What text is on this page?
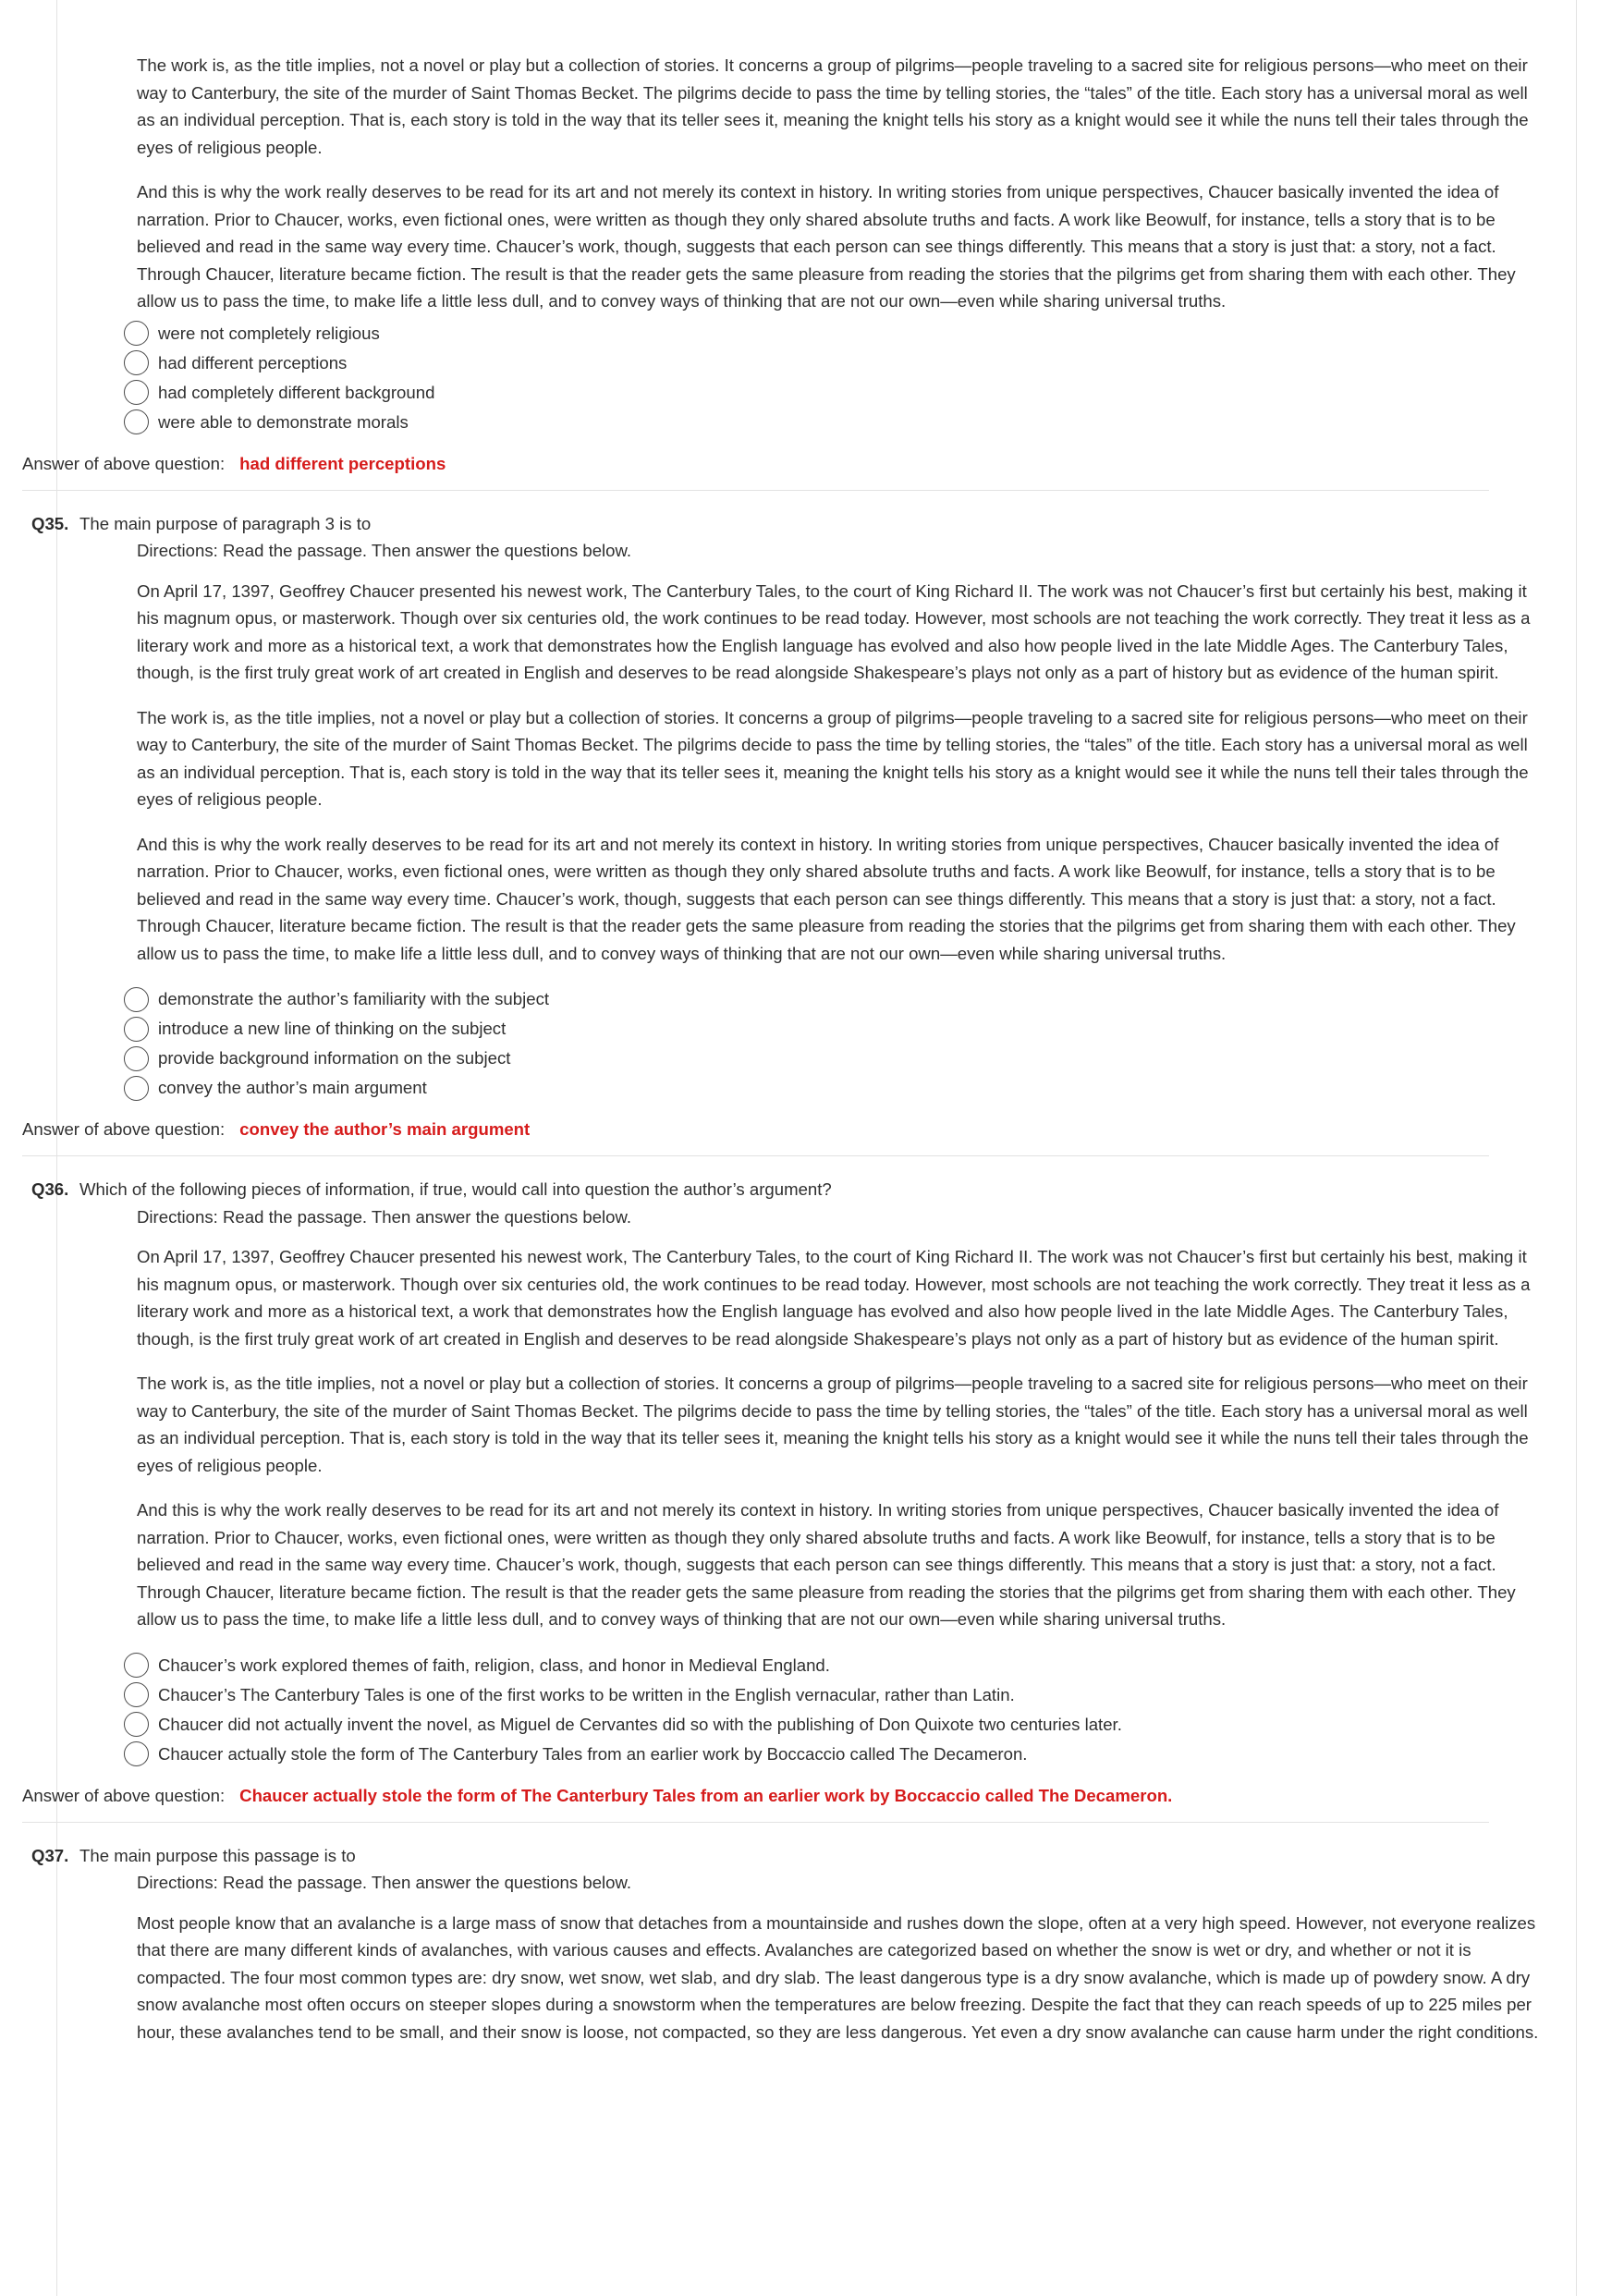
The work is, as the title implies, not a novel or play but a collection of stories. It concerns a group of pilgrims—people traveling to a sacred site for religious persons—who meet on their way to Canterbury, the site of the murder of Saint Thomas Becket. The pilgrims decide to pass the time by telling stories, the “tales” of the title. Each story has a universal moral as well as an individual perception. That is, each story is told in the way that its teller sees it, meaning the knight tells his story as a knight would see it while the nuns tell their tales through the eyes of religious people.

And this is why the work really deserves to be read for its art and not merely its context in history. In writing stories from unique perspectives, Chaucer basically invented the idea of narration. Prior to Chaucer, works, even fictional ones, were written as though they only shared absolute truths and facts. A work like Beowulf, for instance, tells a story that is to be believed and read in the same way every time. Chaucer’s work, though, suggests that each person can see things differently. This means that a story is just that: a story, not a fact. Through Chaucer, literature became fiction. The result is that the reader gets the same pleasure from reading the stories that the pilgrims get from sharing them with each other. They allow us to pass the time, to make life a little less dull, and to convey ways of thinking that are not our own—even while sharing universal truths.

were not completely religious
had different perceptions
had completely different background
were able to demonstrate morals
Answer of above question: had different perceptions
Q35. The main purpose of paragraph 3 is to
Directions: Read the passage. Then answer the questions below.

On April 17, 1397, Geoffrey Chaucer presented his newest work, The Canterbury Tales, to the court of King Richard II. The work was not Chaucer’s first but certainly his best, making it his magnum opus, or masterwork. Though over six centuries old, the work continues to be read today. However, most schools are not teaching the work correctly. They treat it less as a literary work and more as a historical text, a work that demonstrates how the English language has evolved and also how people lived in the late Middle Ages. The Canterbury Tales, though, is the first truly great work of art created in English and deserves to be read alongside Shakespeare’s plays not only as a part of history but as evidence of the human spirit.

The work is, as the title implies, not a novel or play but a collection of stories. It concerns a group of pilgrims—people traveling to a sacred site for religious persons—who meet on their way to Canterbury, the site of the murder of Saint Thomas Becket. The pilgrims decide to pass the time by telling stories, the “tales” of the title. Each story has a universal moral as well as an individual perception. That is, each story is told in the way that its teller sees it, meaning the knight tells his story as a knight would see it while the nuns tell their tales through the eyes of religious people.

And this is why the work really deserves to be read for its art and not merely its context in history. In writing stories from unique perspectives, Chaucer basically invented the idea of narration. Prior to Chaucer, works, even fictional ones, were written as though they only shared absolute truths and facts. A work like Beowulf, for instance, tells a story that is to be believed and read in the same way every time. Chaucer’s work, though, suggests that each person can see things differently. This means that a story is just that: a story, not a fact. Through Chaucer, literature became fiction. The result is that the reader gets the same pleasure from reading the stories that the pilgrims get from sharing them with each other. They allow us to pass the time, to make life a little less dull, and to convey ways of thinking that are not our own—even while sharing universal truths.

demonstrate the author’s familiarity with the subject
introduce a new line of thinking on the subject
provide background information on the subject
convey the author’s main argument
Answer of above question: convey the author’s main argument
Q36. Which of the following pieces of information, if true, would call into question the author’s argument?
Directions: Read the passage. Then answer the questions below.

On April 17, 1397, Geoffrey Chaucer presented his newest work, The Canterbury Tales, to the court of King Richard II. The work was not Chaucer’s first but certainly his best, making it his magnum opus, or masterwork. Though over six centuries old, the work continues to be read today. However, most schools are not teaching the work correctly. They treat it less as a literary work and more as a historical text, a work that demonstrates how the English language has evolved and also how people lived in the late Middle Ages. The Canterbury Tales, though, is the first truly great work of art created in English and deserves to be read alongside Shakespeare’s plays not only as a part of history but as evidence of the human spirit.

The work is, as the title implies, not a novel or play but a collection of stories. It concerns a group of pilgrims—people traveling to a sacred site for religious persons—who meet on their way to Canterbury, the site of the murder of Saint Thomas Becket. The pilgrims decide to pass the time by telling stories, the “tales” of the title. Each story has a universal moral as well as an individual perception. That is, each story is told in the way that its teller sees it, meaning the knight tells his story as a knight would see it while the nuns tell their tales through the eyes of religious people.

And this is why the work really deserves to be read for its art and not merely its context in history. In writing stories from unique perspectives, Chaucer basically invented the idea of narration. Prior to Chaucer, works, even fictional ones, were written as though they only shared absolute truths and facts. A work like Beowulf, for instance, tells a story that is to be believed and read in the same way every time. Chaucer’s work, though, suggests that each person can see things differently. This means that a story is just that: a story, not a fact. Through Chaucer, literature became fiction. The result is that the reader gets the same pleasure from reading the stories that the pilgrims get from sharing them with each other. They allow us to pass the time, to make life a little less dull, and to convey ways of thinking that are not our own—even while sharing universal truths.

Chaucer’s work explored themes of faith, religion, class, and honor in Medieval England.
Chaucer’s The Canterbury Tales is one of the first works to be written in the English vernacular, rather than Latin.
Chaucer did not actually invent the novel, as Miguel de Cervantes did so with the publishing of Don Quixote two centuries later.
Chaucer actually stole the form of The Canterbury Tales from an earlier work by Boccaccio called The Decameron.
Answer of above question: Chaucer actually stole the form of The Canterbury Tales from an earlier work by Boccaccio called The Decameron.
Q37. The main purpose this passage is to
Directions: Read the passage. Then answer the questions below.

Most people know that an avalanche is a large mass of snow that detaches from a mountainside and rushes down the slope, often at a very high speed. However, not everyone realizes that there are many different kinds of avalanches, with various causes and effects. Avalanches are categorized based on whether the snow is wet or dry, and whether or not it is compacted. The four most common types are: dry snow, wet snow, wet slab, and dry slab. The least dangerous type is a dry snow avalanche, which is made up of powdery snow. A dry snow avalanche most often occurs on steeper slopes during a snowstorm when the temperatures are below freezing. Despite the fact that they can reach speeds of up to 225 miles per hour, these avalanches tend to be small, and their snow is loose, not compacted, so they are less dangerous. Yet even a dry snow avalanche can cause harm under the right conditions.
